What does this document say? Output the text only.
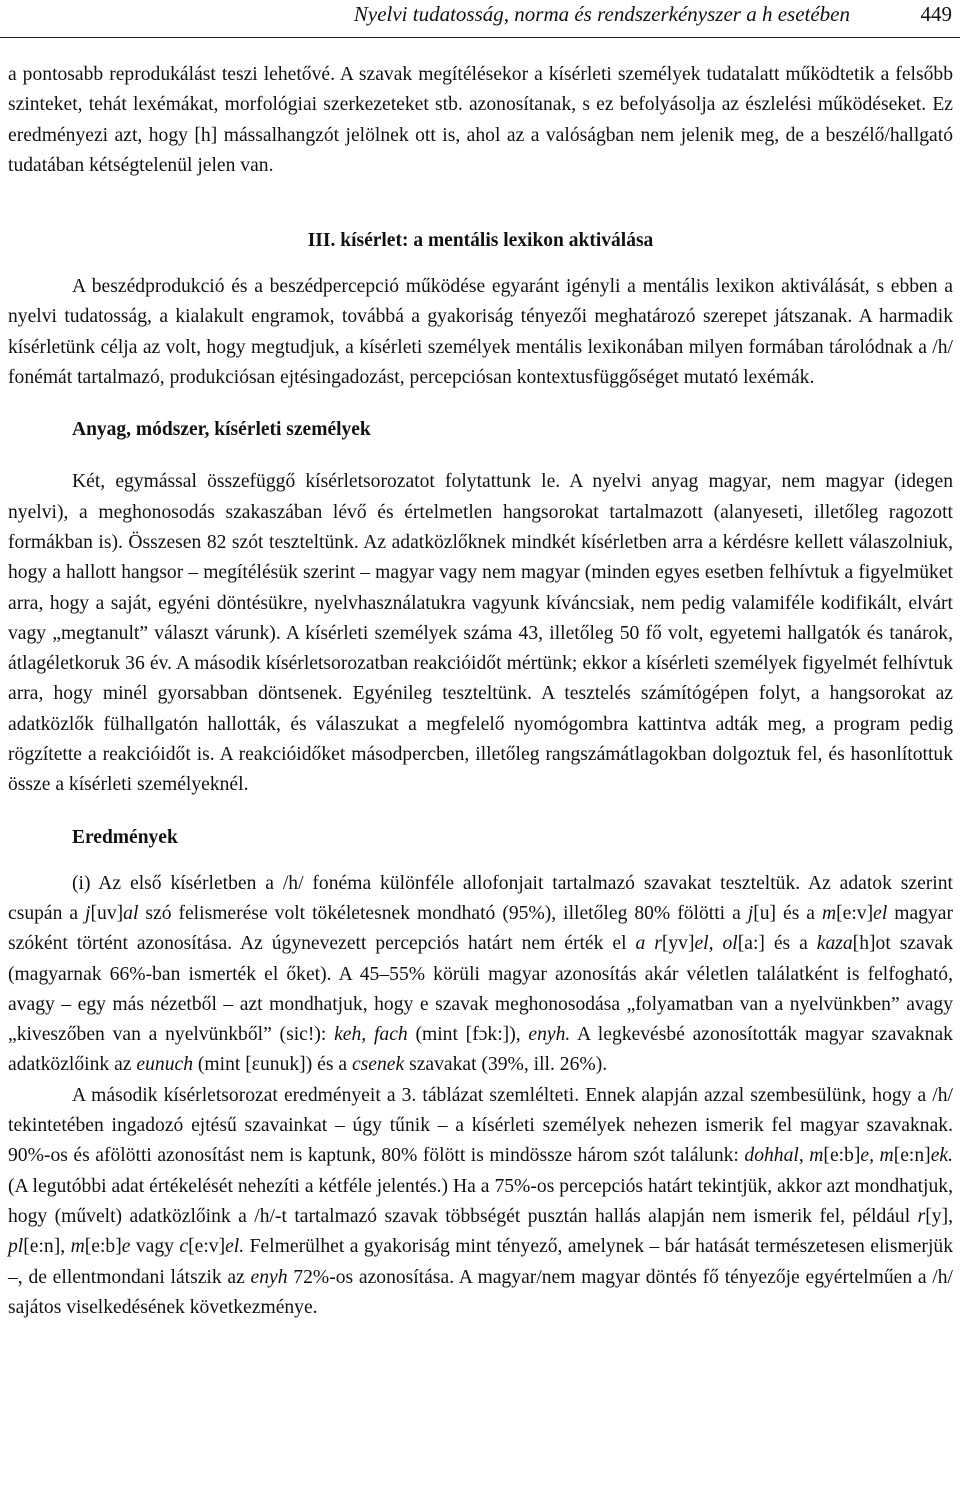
Nyelvi tudatosság, norma és rendszerkényszer a h esetében	449

a pontosabb reprodukálást teszi lehetővé. A szavak megítélésekor a kísérleti személyek tudatalatt működtetik a felsőbb szinteket, tehát lexémákat, morfológiai szerkezeteket stb. azonosítanak, s ez befolyásolja az észlelési működéseket. Ez eredményezi azt, hogy [h] mássalhangzót jelölnek ott is, ahol az a valóságban nem jelenik meg, de a beszélő/hallgató tudatában kétségtelenül jelen van.

III. kísérlet: a mentális lexikon aktiválása

A beszédprodukció és a beszédpercepció működése egyaránt igényli a mentális lexikon aktiválását, s ebben a nyelvi tudatosság, a kialakult engramok, továbbá a gyakoriság tényezői meghatározó szerepet játszanak. A harmadik kísérletünk célja az volt, hogy megtudjuk, a kísérleti személyek mentális lexikonában milyen formában tárolódnak a /h/ fonémát tartalmazó, produkciósan ejtésingadozást, percepciósan kontextusfüggőséget mutató lexémák.

Anyag, módszer, kísérleti személyek

Két, egymással összefüggő kísérletsorozatot folytattunk le. A nyelvi anyag magyar, nem magyar (idegen nyelvi), a meghonosodás szakaszában lévő és értelmetlen hangsorokat tartalmazott (alanyeseti, illetőleg ragozott formákban is). Összesen 82 szót teszteltünk. Az adatközlőknek mindkét kísérletben arra a kérdésre kellett válaszolniuk, hogy a hallott hangsor – megítélésük szerint – magyar vagy nem magyar (minden egyes esetben felhívtuk a figyelmüket arra, hogy a saját, egyéni döntésükre, nyelvhasználatukra vagyunk kíváncsiak, nem pedig valamiféle kodifikált, elvárt vagy „megtanult” választ várunk). A kísérleti személyek száma 43, illetőleg 50 fő volt, egyetemi hallgatók és tanárok, átlagéletkoruk 36 év. A második kísérletsorozatban reakcióidőt mértünk; ekkor a kísérleti személyek figyelmét felhívtuk arra, hogy minél gyorsabban döntsenek. Egyénileg teszteltünk. A tesztelés számítógépen folyt, a hangsorokat az adatközlők fülhallgatón hallották, és válaszukat a megfelelő nyomógombra kattintva adták meg, a program pedig rögzítette a reakcióidőt is. A reakcióidőket másodpercben, illetőleg rangszámátlagokban dolgoztuk fel, és hasonlítottuk össze a kísérleti személyeknél.

Eredmények

(i) Az első kísérletben a /h/ fonéma különféle allofonjait tartalmazó szavakat teszteltük. Az adatok szerint csupán a j[uv]al szó felismerése volt tökéletesnek mondható (95%), illetőleg 80% fölötti a j[u] és a m[e:v]el magyar szóként történt azonosítása. Az úgynevezett percepciós határt nem érték el a r[yv]el, ol[a:] és a kaza[h]ot szavak (magyarnak 66%-ban ismerték el őket). A 45–55% körüli magyar azonosítás akár véletlen találatként is felfogható, avagy – egy más nézetből – azt mondhatjuk, hogy e szavak meghonosodása „folyamatban van a nyelvünkben” avagy „kiveszőben van a nyelvünkből” (sic!): keh, fach (mint [fɔk:]), enyh. A legkevésbé azonosították magyar szavaknak adatközlőink az eunuch (mint [ɛunuk]) és a csenek szavakat (39%, ill. 26%).

A második kísérletsorozat eredményeit a 3. táblázat szemlélteti. Ennek alapján azzal szembesülünk, hogy a /h/ tekintetében ingadozó ejtésű szavainkat – úgy tűnik – a kísérleti személyek nehezen ismerik fel magyar szavaknak. 90%-os és afölötti azonosítást nem is kaptunk, 80% fölött is mindössze három szót találunk: dohhal, m[e:b]e, m[e:n]ek. (A legutóbbi adat értékelését nehezíti a kétféle jelentés.) Ha a 75%-os percepciós határt tekintjük, akkor azt mondhatjuk, hogy (művelt) adatközlőink a /h/-t tartalmazó szavak többségét pusztán hallás alapján nem ismerik fel, például r[y], pl[e:n], m[e:b]e vagy c[e:v]el. Felmerülhet a gyakoriság mint tényező, amelynek – bár hatását természetesen elismerjük –, de ellentmondani látszik az enyh 72%-os azonosítása. A magyar/nem magyar döntés fő tényezője egyértelműen a /h/ sajátos viselkedésének következménye.
